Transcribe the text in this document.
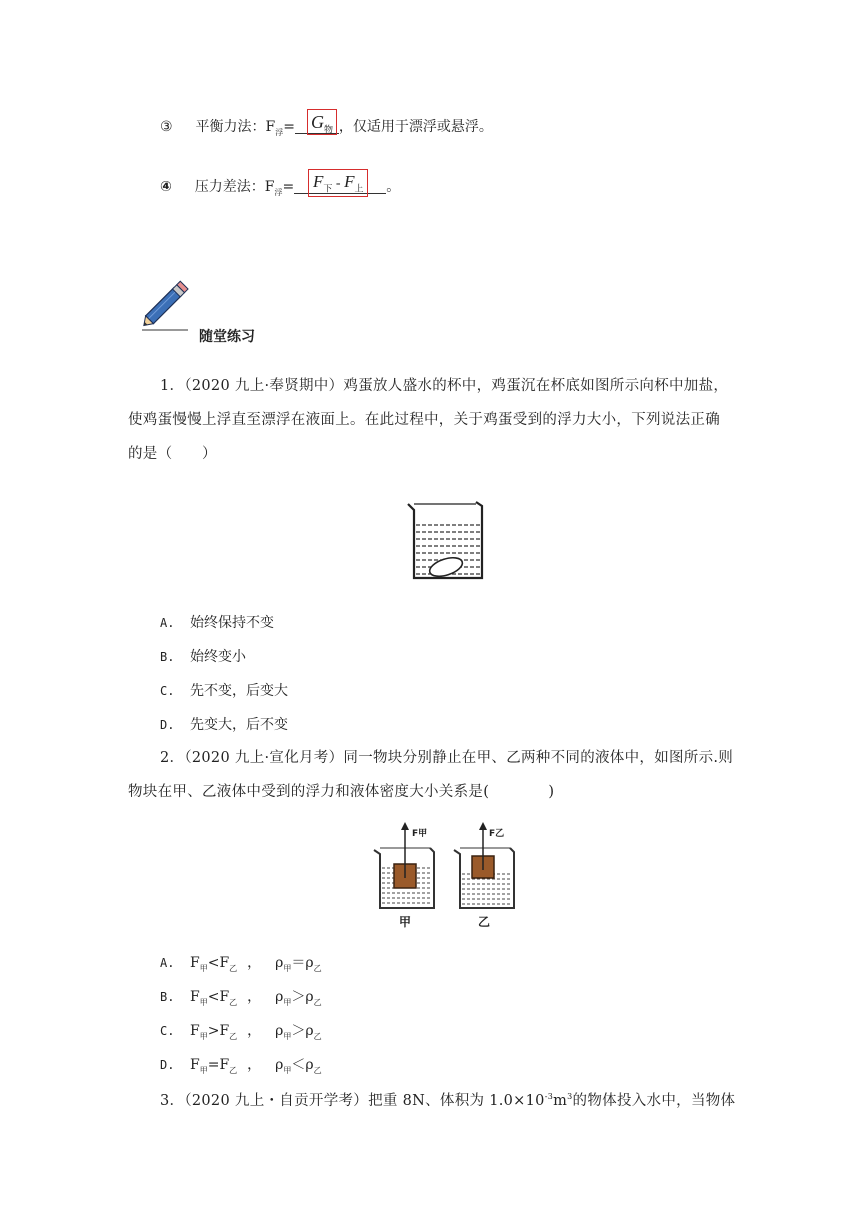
③ 平衡力法：$F_浮=$	，仅适用于漂浮或悬浮。
$G_物$
④ 压力差法：$F_浮=$	。
$F_下 - F_上$
随堂练习
1．（2020 九上·奉贤期中）鸡蛋放人盛水的杯中，鸡蛋沉在杯底如图所示向杯中加盐，
使鸡蛋慢慢上浮直至漂浮在液面上。在此过程中，关于鸡蛋受到的浮力大小，下列说法正确
的是（　　）
A. 始终保持不变
B. 始终变小
C. 先不变，后变大
D. 先变大，后不变
2．（2020 九上·宣化月考）同一物块分别静止在甲、乙两种不同的液体中，如图所示.则
物块在甲、乙液体中受到的浮力和液体密度大小关系是(　　　　)
F甲
甲
F乙
乙
A. $F_甲<F_乙$ ， $\rho_甲=\rho_乙$
B. $F_甲<F_乙$ ， $\rho_甲>\rho_乙$
C. $F_甲>F_乙$ ， $\rho_甲>\rho_乙$
D. $F_甲=F_乙$ ， $\rho_甲<\rho_乙$
3．（2020 九上・自贡开学考）把重 8N、体积为 $1.0\times 10^{-3}m^3$的物体投入水中，当物体
